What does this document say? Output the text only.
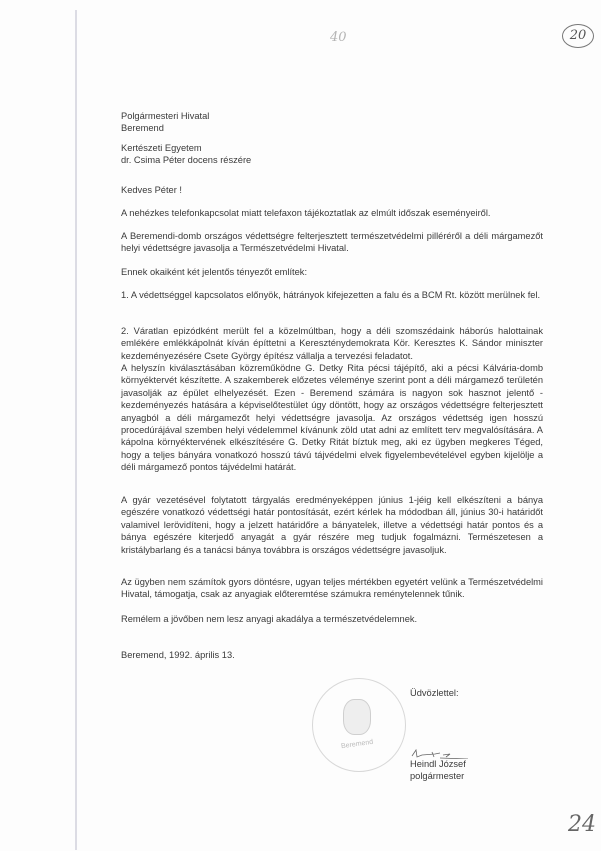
20
40
24
Polgármesteri Hivatal
Beremend
Kertészeti Egyetem
dr. Csima Péter docens részére
Kedves Péter !
A nehézkes telefonkapcsolat miatt telefaxon tájékoztatlak az elmúlt időszak eseményeiről.
A Beremendi-domb országos védettségre felterjesztett természetvédelmi pilléréről a déli márgamezőt helyi védettségre javasolja a Természetvédelmi Hivatal.
Ennek okaiként két jelentős tényezőt említek:
1. A védettséggel kapcsolatos előnyök, hátrányok kifejezetten a falu és a BCM Rt. között merülnek fel.
2. Váratlan epizódként merült fel a közelmúltban, hogy a déli szomszédaink háborús halottainak emlékére emlékkápolnát kíván építtetni a Kereszténydemokrata Kör. Keresztes K. Sándor miniszter kezdeményezésére Csete György építész vállalja a tervezési feladatot.
A helyszín kiválasztásában közreműködne G. Detky Rita pécsi tájépítő, aki a pécsi Kálvária-domb környéktervét készítette. A szakemberek előzetes véleménye szerint pont a déli márgamező területén javasolják az épület elhelyezését. Ezen - Beremend számára is nagyon sok hasznot jelentő - kezdeményezés hatására a képviselőtestület úgy döntött, hogy az országos védettségre felterjesztett anyagból a déli márgamezőt helyi védettségre javasolja. Az országos védettség igen hosszú procedúrájával szemben helyi védelemmel kívánunk zöld utat adni az említett terv megvalósítására. A kápolna környéktervének elkészítésére G. Detky Ritát bíztuk meg, aki ez ügyben megkeres Téged, hogy a teljes bányára vonatkozó hosszú távú tájvédelmi elvek figyelembevételével egyben kijelölje a déli márgamező pontos tájvédelmi határát.
A gyár vezetésével folytatott tárgyalás eredményeképpen június 1-jéig kell elkészíteni a bánya egészére vonatkozó védettségi határ pontosítását, ezért kérlek ha módodban áll, június 30-i határidőt valamivel lerövidíteni, hogy a jelzett határidőre a bányatelek, illetve a védettségi határ pontos és a bánya egészére kiterjedő anyagát a gyár részére meg tudjuk fogalmázni. Természetesen a kristálybarlang és a tanácsi bánya továbbra is országos védettségre javasoljuk.
Az ügyben nem számítok gyors döntésre, ugyan teljes mértékben egyetért velünk a Természetvédelmi Hivatal, támogatja, csak az anyagiak előteremtése számukra reménytelennek tűnik.
Remélem a jövőben nem lesz anyagi akadálya a természetvédelemnek.
Beremend, 1992. április 13.
Beremend
Üdvözlettel:
Heindl József
polgármester
